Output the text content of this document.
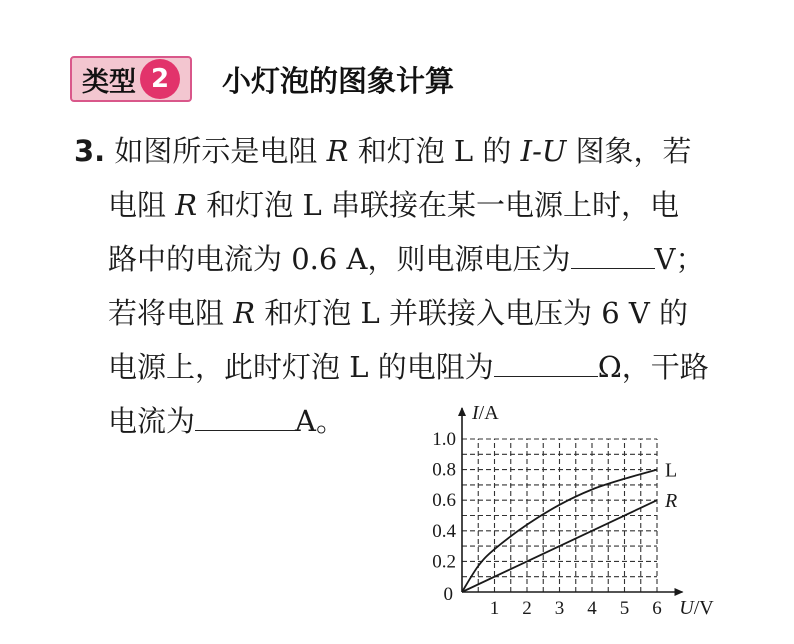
类型 2	小灯泡的图象计算
3. 如图所示是电阻 R 和灯泡 L 的 I-U 图象，若
电阻 R 和灯泡 L 串联接在某一电源上时，电
路中的电流为 0.6 A，则电源电压为	V；
若将电阻 R 和灯泡 L 并联接入电压为 6 V 的
电源上，此时灯泡 L 的电阻为	Ω，干路
电流为	A。
1 2 3 4 5 6
0.2
0.4
0.6
0.8
1.0
0
I/A
U/V
L
R
